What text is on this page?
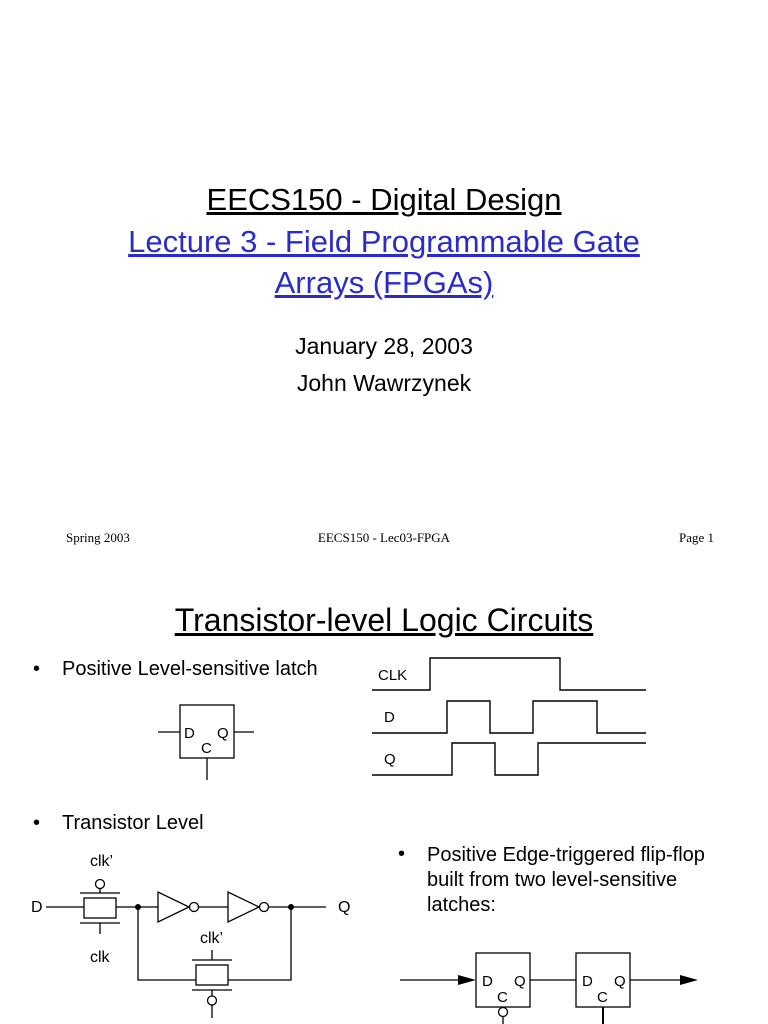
EECS150 - Digital Design
Lecture 3 - Field Programmable Gate
Arrays (FPGAs)
January 28, 2003
John Wawrzynek
Spring 2003	EECS150 - Lec03-FPGA	Page 1
Transistor-level Logic Circuits
• Positive Level-sensitive latch
• Transistor Level
• Positive Edge-triggered flip-flop built from two level-sensitive latches:
D Q
C
CLK
D
Q
clk’
clk
D	Q
clk’
D Q
C
D Q
C
